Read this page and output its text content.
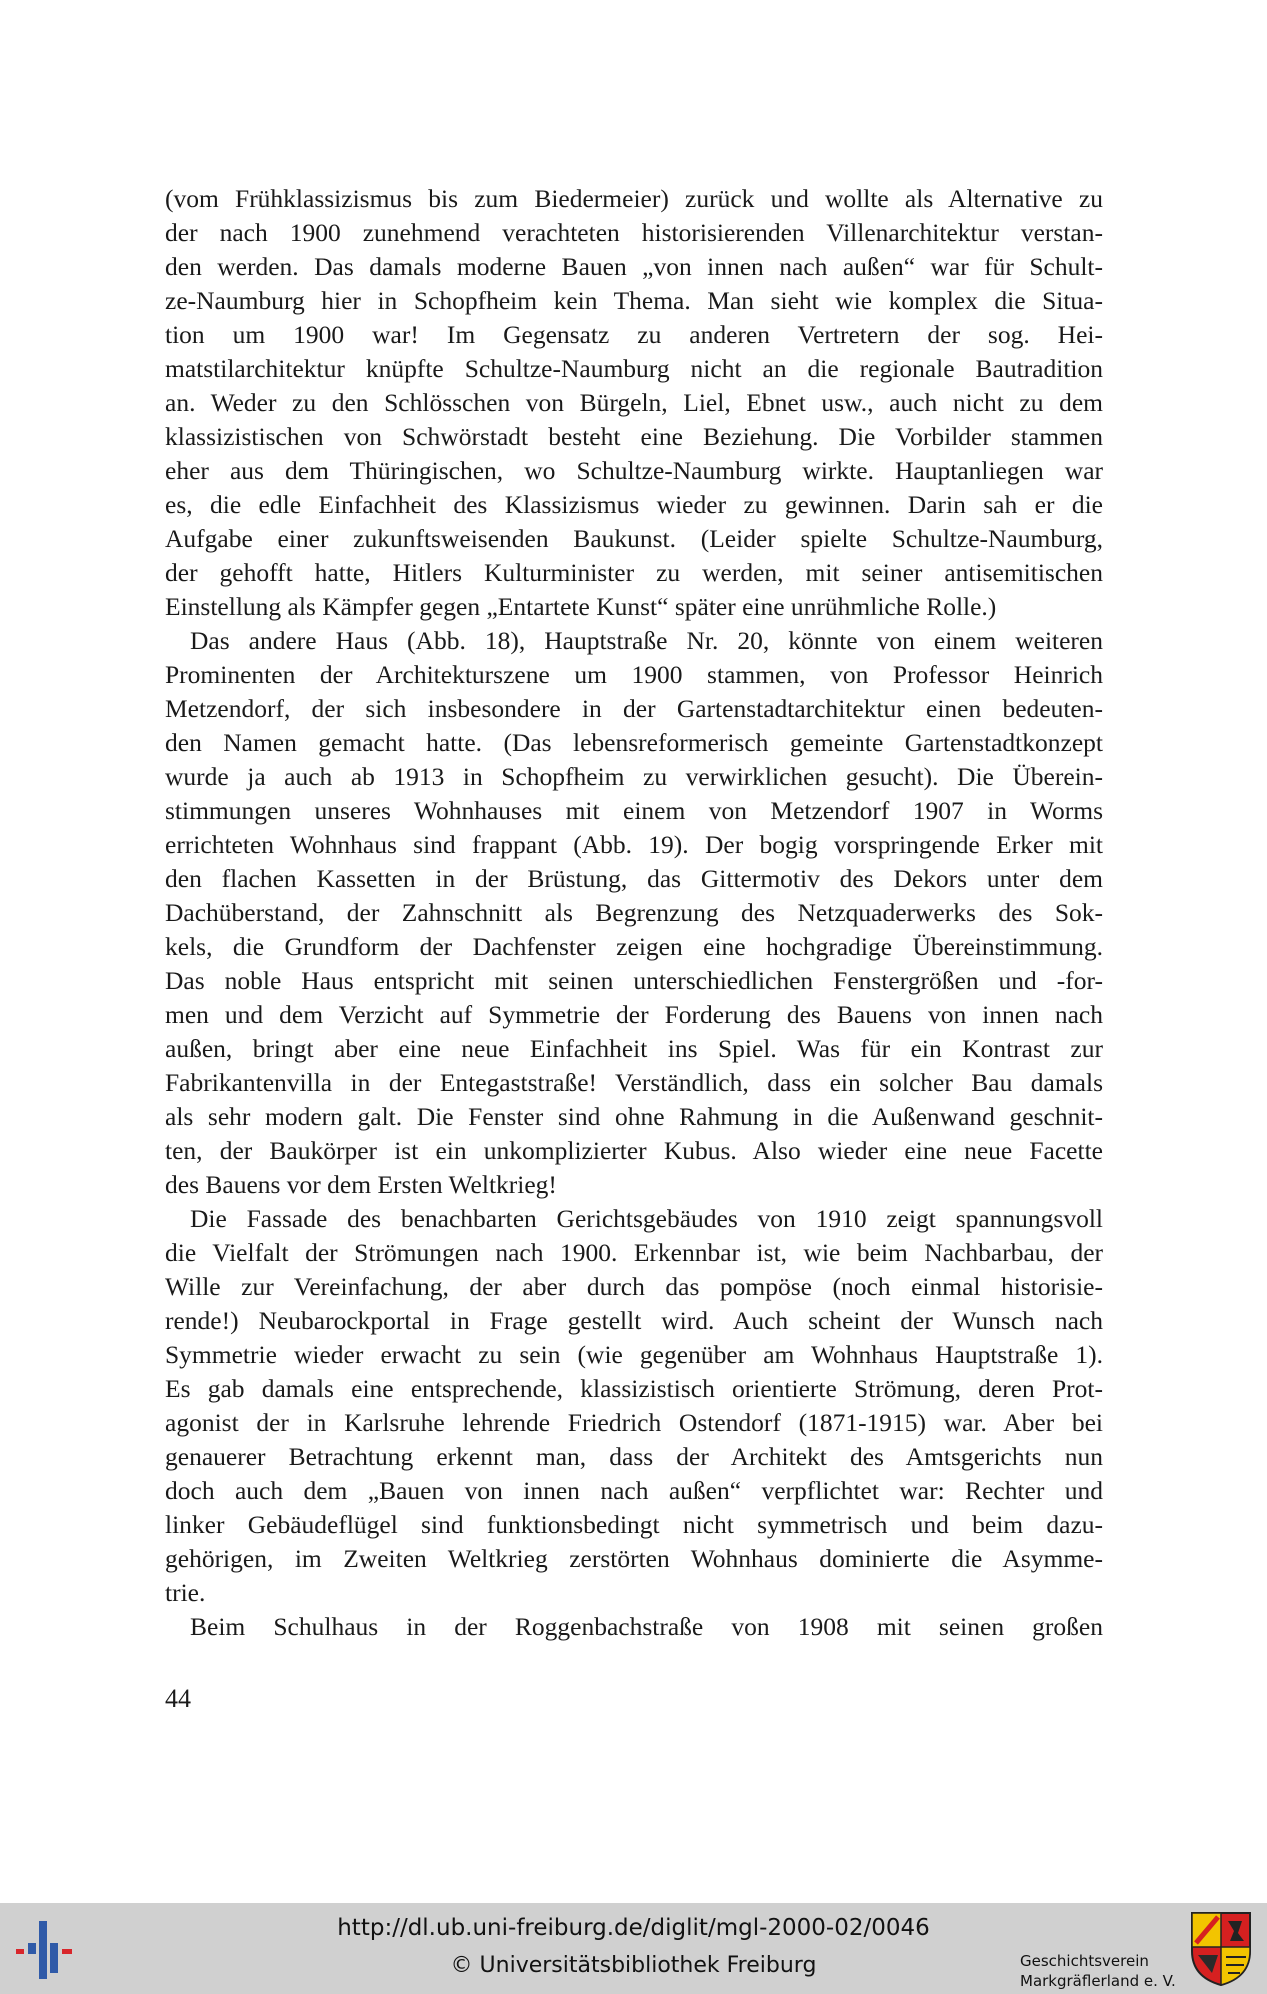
(vom Frühklassizismus bis zum Biedermeier) zurück und wollte als Alternative zu
der nach 1900 zunehmend verachteten historisierenden Villenarchitektur verstan-
den werden. Das damals moderne Bauen „von innen nach außen“ war für Schult-
ze-Naumburg hier in Schopfheim kein Thema. Man sieht wie komplex die Situa-
tion um 1900 war! Im Gegensatz zu anderen Vertretern der sog. Hei-
matstilarchitektur knüpfte Schultze-Naumburg nicht an die regionale Bautradition
an. Weder zu den Schlösschen von Bürgeln, Liel, Ebnet usw., auch nicht zu dem
klassizistischen von Schwörstadt besteht eine Beziehung. Die Vorbilder stammen
eher aus dem Thüringischen, wo Schultze-Naumburg wirkte. Hauptanliegen war
es, die edle Einfachheit des Klassizismus wieder zu gewinnen. Darin sah er die
Aufgabe einer zukunftsweisenden Baukunst. (Leider spielte Schultze-Naumburg,
der gehofft hatte, Hitlers Kulturminister zu werden, mit seiner antisemitischen
Einstellung als Kämpfer gegen „Entartete Kunst“ später eine unrühmliche Rolle.)
Das andere Haus (Abb. 18), Hauptstraße Nr. 20, könnte von einem weiteren
Prominenten der Architekturszene um 1900 stammen, von Professor Heinrich
Metzendorf, der sich insbesondere in der Gartenstadtarchitektur einen bedeuten-
den Namen gemacht hatte. (Das lebensreformerisch gemeinte Gartenstadtkonzept
wurde ja auch ab 1913 in Schopfheim zu verwirklichen gesucht). Die Überein-
stimmungen unseres Wohnhauses mit einem von Metzendorf 1907 in Worms
errichteten Wohnhaus sind frappant (Abb. 19). Der bogig vorspringende Erker mit
den flachen Kassetten in der Brüstung, das Gittermotiv des Dekors unter dem
Dachüberstand, der Zahnschnitt als Begrenzung des Netzquaderwerks des Sok-
kels, die Grundform der Dachfenster zeigen eine hochgradige Übereinstimmung.
Das noble Haus entspricht mit seinen unterschiedlichen Fenstergrößen und -for-
men und dem Verzicht auf Symmetrie der Forderung des Bauens von innen nach
außen, bringt aber eine neue Einfachheit ins Spiel. Was für ein Kontrast zur
Fabrikantenvilla in der Entegaststraße! Verständlich, dass ein solcher Bau damals
als sehr modern galt. Die Fenster sind ohne Rahmung in die Außenwand geschnit-
ten, der Baukörper ist ein unkomplizierter Kubus. Also wieder eine neue Facette
des Bauens vor dem Ersten Weltkrieg!
Die Fassade des benachbarten Gerichtsgebäudes von 1910 zeigt spannungsvoll
die Vielfalt der Strömungen nach 1900. Erkennbar ist, wie beim Nachbarbau, der
Wille zur Vereinfachung, der aber durch das pompöse (noch einmal historisie-
rende!) Neubarockportal in Frage gestellt wird. Auch scheint der Wunsch nach
Symmetrie wieder erwacht zu sein (wie gegenüber am Wohnhaus Hauptstraße 1).
Es gab damals eine entsprechende, klassizistisch orientierte Strömung, deren Prot-
agonist der in Karlsruhe lehrende Friedrich Ostendorf (1871-1915) war. Aber bei
genauerer Betrachtung erkennt man, dass der Architekt des Amtsgerichts nun
doch auch dem „Bauen von innen nach außen“ verpflichtet war: Rechter und
linker Gebäudeflügel sind funktionsbedingt nicht symmetrisch und beim dazu-
gehörigen, im Zweiten Weltkrieg zerstörten Wohnhaus dominierte die Asymme-
trie.
Beim Schulhaus in der Roggenbachstraße von 1908 mit seinen großen
44
http://dl.ub.uni-freiburg.de/diglit/mgl-2000-02/0046
© Universitätsbibliothek Freiburg	Geschichtsverein
Markgräflerland e. V.
